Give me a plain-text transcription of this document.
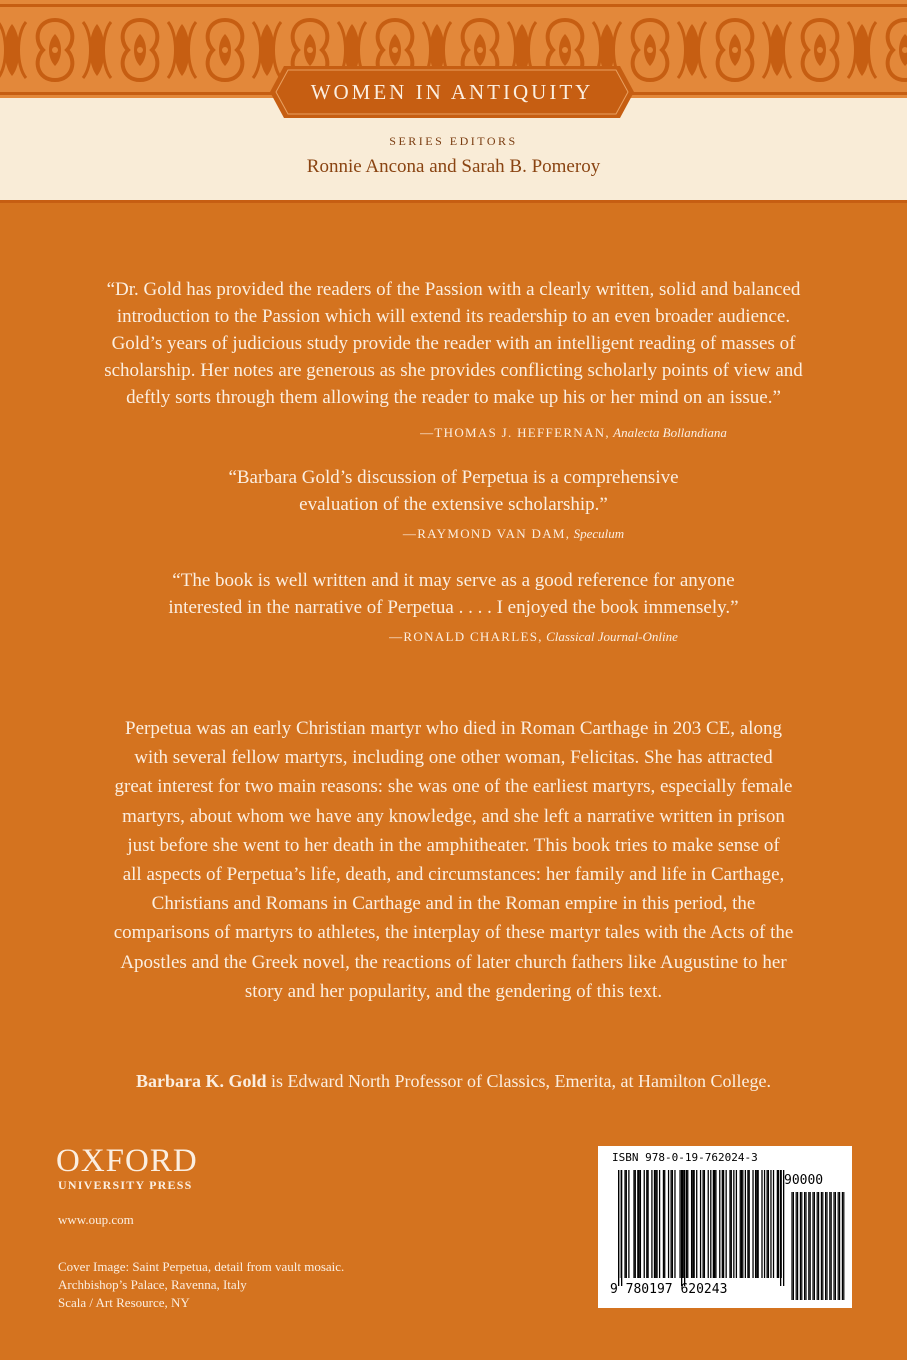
WOMEN IN ANTIQUITY
SERIES EDITORS
Ronnie Ancona and Sarah B. Pomeroy
“Dr. Gold has provided the readers of the Passion with a clearly written, solid and balanced
introduction to the Passion which will extend its readership to an even broader audience.
Gold’s years of judicious study provide the reader with an intelligent reading of masses of
scholarship. Her notes are generous as she provides conflicting scholarly points of view and
deftly sorts through them allowing the reader to make up his or her mind on an issue.”
—THOMAS J. HEFFERNAN, Analecta Bollandiana
“Barbara Gold’s discussion of Perpetua is a comprehensive
evaluation of the extensive scholarship.”
—RAYMOND VAN DAM, Speculum
“The book is well written and it may serve as a good reference for anyone
interested in the narrative of Perpetua . . . . I enjoyed the book immensely.”
—RONALD CHARLES, Classical Journal-Online
Perpetua was an early Christian martyr who died in Roman Carthage in 203 CE, along
with several fellow martyrs, including one other woman, Felicitas. She has attracted
great interest for two main reasons: she was one of the earliest martyrs, especially female
martyrs, about whom we have any knowledge, and she left a narrative written in prison
just before she went to her death in the amphitheater. This book tries to make sense of
all aspects of Perpetua’s life, death, and circumstances: her family and life in Carthage,
Christians and Romans in Carthage and in the Roman empire in this period, the
comparisons of martyrs to athletes, the interplay of these martyr tales with the Acts of the
Apostles and the Greek novel, the reactions of later church fathers like Augustine to her
story and her popularity, and the gendering of this text.
Barbara K. Gold is Edward North Professor of Classics, Emerita, at Hamilton College.
OXFORD
UNIVERSITY PRESS
www.oup.com
Cover Image: Saint Perpetua, detail from vault mosaic.
Archbishop’s Palace, Ravenna, Italy
Scala / Art Resource, NY
ISBN 978-0-19-762024-3
90000
9 780197 620243
